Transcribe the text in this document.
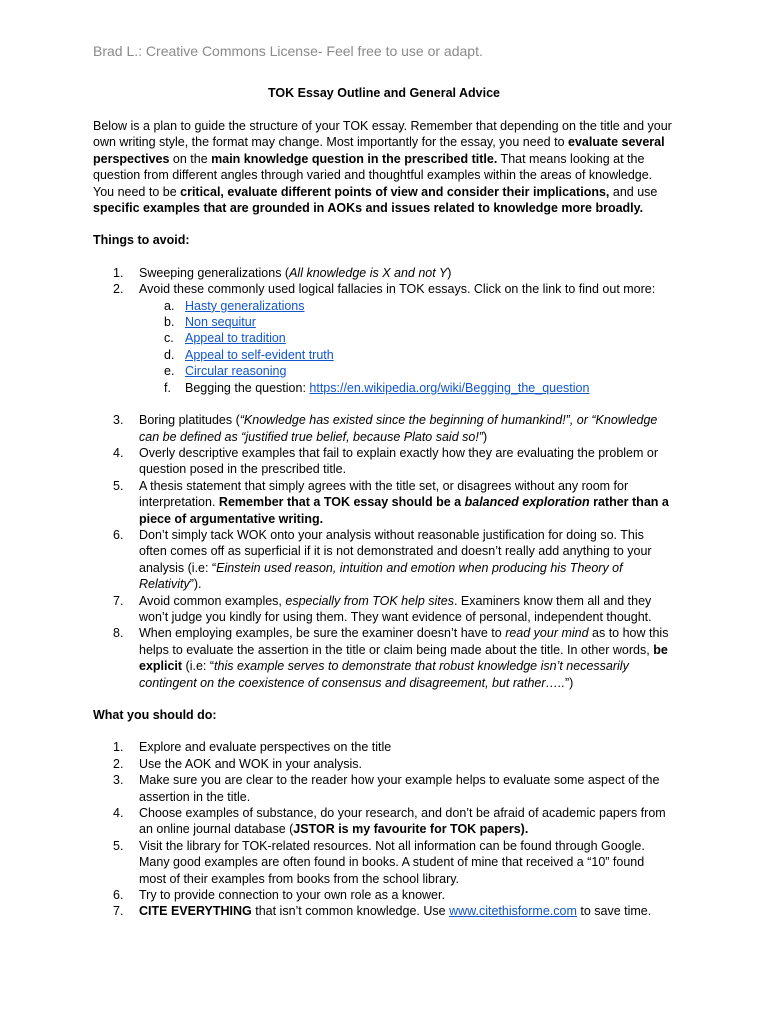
Brad L.: Creative Commons License- Feel free to use or adapt.
TOK Essay Outline and General Advice

Below is a plan to guide the structure of your TOK essay. Remember that depending on the title and your own writing style, the format may change. Most importantly for the essay, you need to evaluate several perspectives on the main knowledge question in the prescribed title. That means looking at the question from different angles through varied and thoughtful examples within the areas of knowledge. You need to be critical, evaluate different points of view and consider their implications, and use specific examples that are grounded in AOKs and issues related to knowledge more broadly.

Things to avoid:

1. Sweeping generalizations (All knowledge is X and not Y)

2. Avoid these commonly used logical fallacies in TOK essays. Click on the link to find out more:

a. Hasty generalizations

b. Non sequitur

c. Appeal to tradition

d. Appeal to self-evident truth

e. Circular reasoning

f. Begging the question: https://en.wikipedia.org/wiki/Begging_the_question

3. Boring platitudes (“Knowledge has existed since the beginning of humankind!”, or “Knowledge can be defined as “justified true belief, because Plato said so!”)

4. Overly descriptive examples that fail to explain exactly how they are evaluating the problem or question posed in the prescribed title.

5. A thesis statement that simply agrees with the title set, or disagrees without any room for interpretation. Remember that a TOK essay should be a balanced exploration rather than a piece of argumentative writing.

6. Don’t simply tack WOK onto your analysis without reasonable justification for doing so. This often comes off as superficial if it is not demonstrated and doesn’t really add anything to your analysis (i.e: “Einstein used reason, intuition and emotion when producing his Theory of Relativity”).

7. Avoid common examples, especially from TOK help sites. Examiners know them all and they won’t judge you kindly for using them. They want evidence of personal, independent thought.

8. When employing examples, be sure the examiner doesn’t have to read your mind as to how this helps to evaluate the assertion in the title or claim being made about the title. In other words, be explicit (i.e: “this example serves to demonstrate that robust knowledge isn’t necessarily contingent on the coexistence of consensus and disagreement, but rather…..”)

What you should do:

1. Explore and evaluate perspectives on the title

2. Use the AOK and WOK in your analysis.

3. Make sure you are clear to the reader how your example helps to evaluate some aspect of the assertion in the title.

4. Choose examples of substance, do your research, and don’t be afraid of academic papers from an online journal database (JSTOR is my favourite for TOK papers).

5. Visit the library for TOK-related resources. Not all information can be found through Google. Many good examples are often found in books. A student of mine that received a “10” found most of their examples from books from the school library.

6. Try to provide connection to your own role as a knower.

7. CITE EVERYTHING that isn’t common knowledge. Use www.citethisforme.com to save time.
